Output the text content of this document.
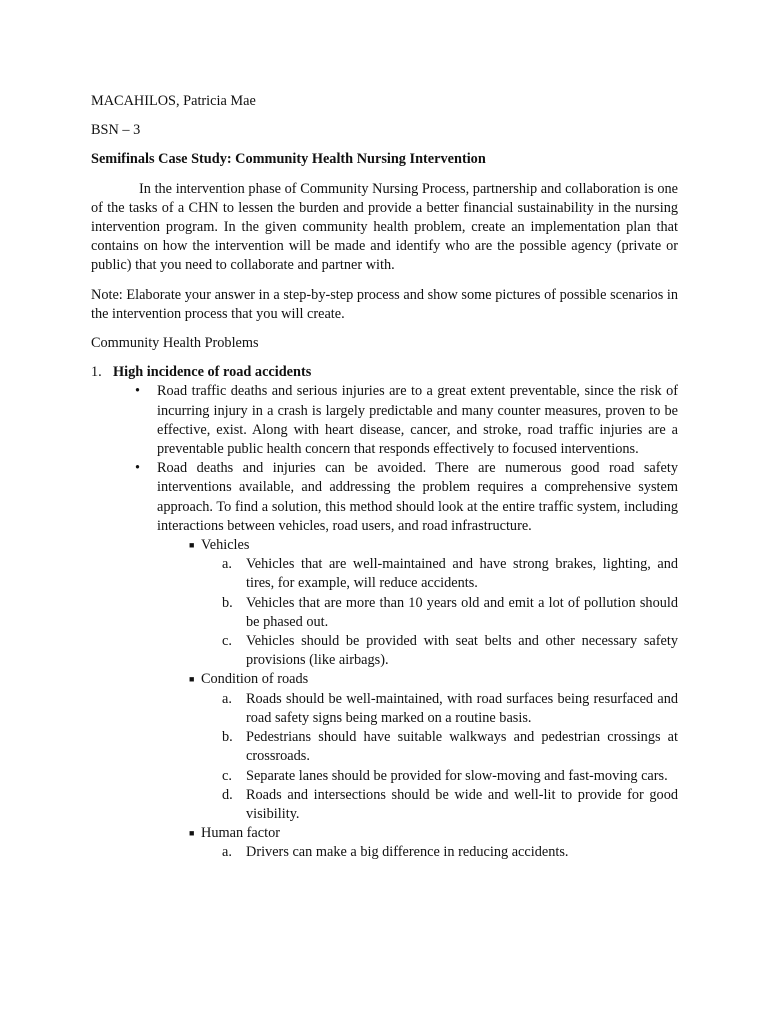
MACAHILOS, Patricia Mae

BSN – 3

Semifinals Case Study: Community Health Nursing Intervention

In the intervention phase of Community Nursing Process, partnership and collaboration is one of the tasks of a CHN to lessen the burden and provide a better financial sustainability in the nursing intervention program. In the given community health problem, create an implementation plan that contains on how the intervention will be made and identify who are the possible agency (private or public) that you need to collaborate and partner with.

Note: Elaborate your answer in a step-by-step process and show some pictures of possible scenarios in the intervention process that you will create.

Community Health Problems

1. High incidence of road accidents
• Road traffic deaths and serious injuries are to a great extent preventable, since the risk of incurring injury in a crash is largely predictable and many counter measures, proven to be effective, exist. Along with heart disease, cancer, and stroke, road traffic injuries are a preventable public health concern that responds effectively to focused interventions.
• Road deaths and injuries can be avoided. There are numerous good road safety interventions available, and addressing the problem requires a comprehensive system approach. To find a solution, this method should look at the entire traffic system, including interactions between vehicles, road users, and road infrastructure.
■ Vehicles
a. Vehicles that are well-maintained and have strong brakes, lighting, and tires, for example, will reduce accidents.
b. Vehicles that are more than 10 years old and emit a lot of pollution should be phased out.
c. Vehicles should be provided with seat belts and other necessary safety provisions (like airbags).
■ Condition of roads
a. Roads should be well-maintained, with road surfaces being resurfaced and road safety signs being marked on a routine basis.
b. Pedestrians should have suitable walkways and pedestrian crossings at crossroads.
c. Separate lanes should be provided for slow-moving and fast-moving cars.
d. Roads and intersections should be wide and well-lit to provide for good visibility.
■ Human factor
a. Drivers can make a big difference in reducing accidents.
